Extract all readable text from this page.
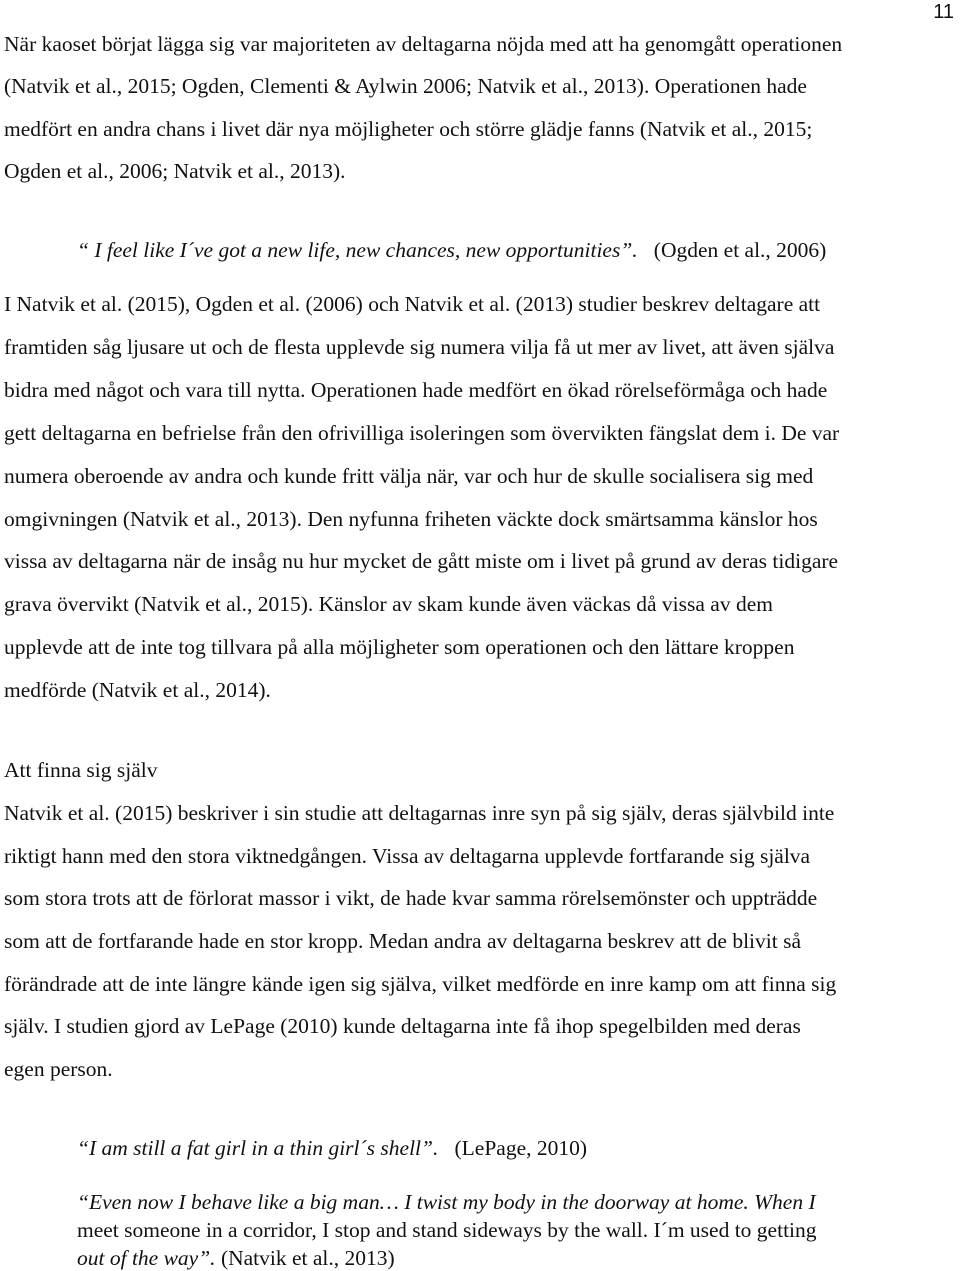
11
När kaoset börjat lägga sig var majoriteten av deltagarna nöjda med att ha genomgått operationen
(Natvik et al., 2015; Ogden, Clementi & Aylwin 2006; Natvik et al., 2013). Operationen hade
medfört en andra chans i livet där nya möjligheter och större glädje fanns (Natvik et al., 2015;
Ogden et al., 2006; Natvik et al., 2013).
“ I feel like I´ve got a new life, new chances, new opportunities”. (Ogden et al., 2006)
I Natvik et al. (2015), Ogden et al. (2006) och Natvik et al. (2013) studier beskrev deltagare att
framtiden såg ljusare ut och de flesta upplevde sig numera vilja få ut mer av livet, att även själva
bidra med något och vara till nytta. Operationen hade medfört en ökad rörelseförmåga och hade
gett deltagarna en befrielse från den ofrivilliga isoleringen som övervikten fängslat dem i. De var
numera oberoende av andra och kunde fritt välja när, var och hur de skulle socialisera sig med
omgivningen (Natvik et al., 2013). Den nyfunna friheten väckte dock smärtsamma känslor hos
vissa av deltagarna när de insåg nu hur mycket de gått miste om i livet på grund av deras tidigare
grava övervikt (Natvik et al., 2015). Känslor av skam kunde även väckas då vissa av dem
upplevde att de inte tog tillvara på alla möjligheter som operationen och den lättare kroppen
medförde (Natvik et al., 2014).
Att finna sig själv
Natvik et al. (2015) beskriver i sin studie att deltagarnas inre syn på sig själv, deras självbild inte
riktigt hann med den stora viktnedgången. Vissa av deltagarna upplevde fortfarande sig själva
som stora trots att de förlorat massor i vikt, de hade kvar samma rörelsemönster och uppträdde
som att de fortfarande hade en stor kropp. Medan andra av deltagarna beskrev att de blivit så
förändrade att de inte längre kände igen sig själva, vilket medförde en inre kamp om att finna sig
själv. I studien gjord av LePage (2010) kunde deltagarna inte få ihop spegelbilden med deras
egen person.
“I am still a fat girl in a thin girl´s shell”. (LePage, 2010)
“Even now I behave like a big man… I twist my body in the doorway at home. When I
meet someone in a corridor, I stop and stand sideways by the wall. I´m used to getting
out of the way”. (Natvik et al., 2013)
